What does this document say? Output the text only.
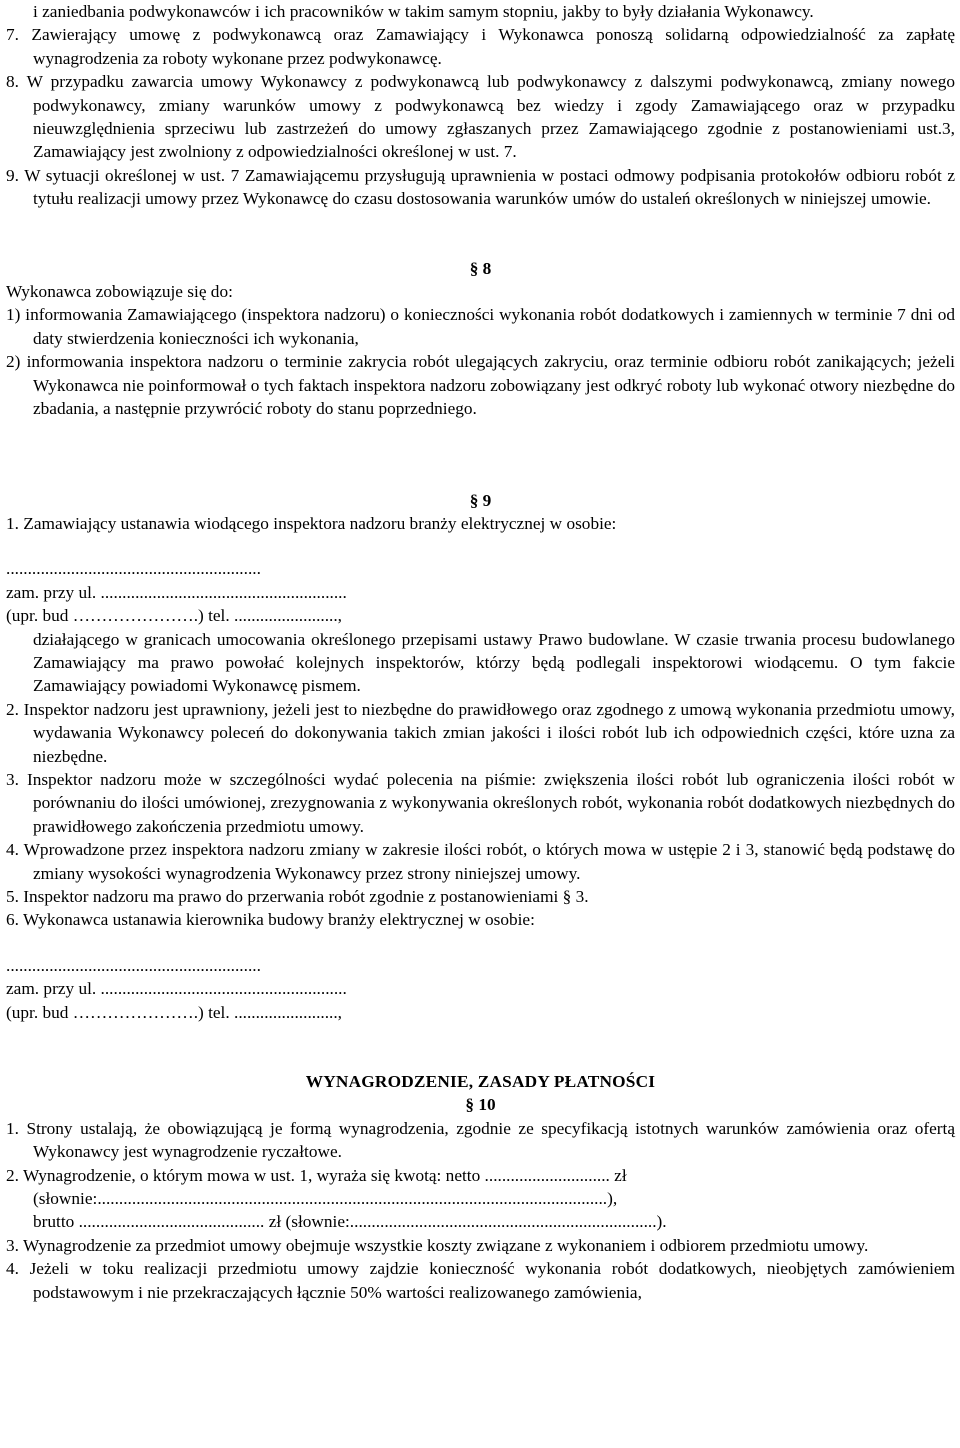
i zaniedbania podwykonawców i ich pracowników w takim samym stopniu, jakby to były działania Wykonawcy.

7. Zawierający umowę z podwykonawcą oraz Zamawiający i Wykonawca ponoszą solidarną odpowiedzialność za zapłatę wynagrodzenia za roboty wykonane przez podwykonawcę.

8. W przypadku zawarcia umowy Wykonawcy z podwykonawcą lub podwykonawcy z dalszymi podwykonawcą, zmiany nowego podwykonawcy, zmiany warunków umowy z podwykonawcą bez wiedzy i zgody Zamawiającego oraz w przypadku nieuwzględnienia sprzeciwu lub zastrzeżeń do umowy zgłaszanych przez Zamawiającego zgodnie z postanowieniami ust.3, Zamawiający jest zwolniony z odpowiedzialności określonej w ust. 7.

9. W sytuacji określonej w ust. 7 Zamawiającemu przysługują uprawnienia w postaci odmowy podpisania protokołów odbioru robót z tytułu realizacji umowy przez Wykonawcę do czasu dostosowania warunków umów do ustaleń określonych w niniejszej umowie.

§ 8

Wykonawca zobowiązuje się do:

1) informowania Zamawiającego (inspektora nadzoru) o konieczności wykonania robót dodatkowych i zamiennych w terminie 7 dni od daty stwierdzenia konieczności ich wykonania,

2) informowania inspektora nadzoru o terminie zakrycia robót ulegających zakryciu, oraz terminie odbioru robót zanikających; jeżeli Wykonawca nie poinformował o tych faktach inspektora nadzoru zobowiązany jest odkryć roboty lub wykonać otwory niezbędne do zbadania, a następnie przywrócić roboty do stanu poprzedniego.

§ 9

1. Zamawiający ustanawia wiodącego inspektora nadzoru branży elektrycznej w osobie:

...........................................................

zam. przy ul. .........................................................

(upr. bud ………………….) tel. ........................,

działającego w granicach umocowania określonego przepisami ustawy Prawo budowlane. W czasie trwania procesu budowlanego Zamawiający ma prawo powołać kolejnych inspektorów, którzy będą podlegali inspektorowi wiodącemu. O tym fakcie Zamawiający powiadomi Wykonawcę pismem.

2. Inspektor nadzoru jest uprawniony, jeżeli jest to niezbędne do prawidłowego oraz zgodnego z umową wykonania przedmiotu umowy, wydawania Wykonawcy poleceń do dokonywania takich zmian jakości i ilości robót lub ich odpowiednich części, które uzna za niezbędne.

3. Inspektor nadzoru może w szczególności wydać polecenia na piśmie: zwiększenia ilości robót lub ograniczenia ilości robót w porównaniu do ilości umówionej, zrezygnowania z wykonywania określonych robót, wykonania robót dodatkowych niezbędnych do prawidłowego zakończenia przedmiotu umowy.

4. Wprowadzone przez inspektora nadzoru zmiany w zakresie ilości robót, o których mowa w ustępie 2 i 3, stanowić będą podstawę do zmiany wysokości wynagrodzenia Wykonawcy przez strony niniejszej umowy.

5. Inspektor nadzoru ma prawo do przerwania robót zgodnie z postanowieniami § 3.

6. Wykonawca ustanawia kierownika budowy branży elektrycznej w osobie:

...........................................................

zam. przy ul. .........................................................

(upr. bud ………………….) tel. ........................,

WYNAGRODZENIE, ZASADY PŁATNOŚCI

§ 10

1. Strony ustalają, że obowiązującą je formą wynagrodzenia, zgodnie ze specyfikacją istotnych warunków zamówienia oraz ofertą Wykonawcy jest wynagrodzenie ryczałtowe.

2. Wynagrodzenie, o którym mowa w ust. 1, wyraża się kwotą: netto ............................. zł

(słownie:......................................................................................................................),

brutto ........................................... zł (słownie:.......................................................................).

3. Wynagrodzenie za przedmiot umowy obejmuje wszystkie koszty związane z wykonaniem i odbiorem przedmiotu umowy.

4. Jeżeli w toku realizacji przedmiotu umowy zajdzie konieczność wykonania robót dodatkowych, nieobjętych zamówieniem podstawowym i nie przekraczających łącznie 50% wartości realizowanego zamówienia,
